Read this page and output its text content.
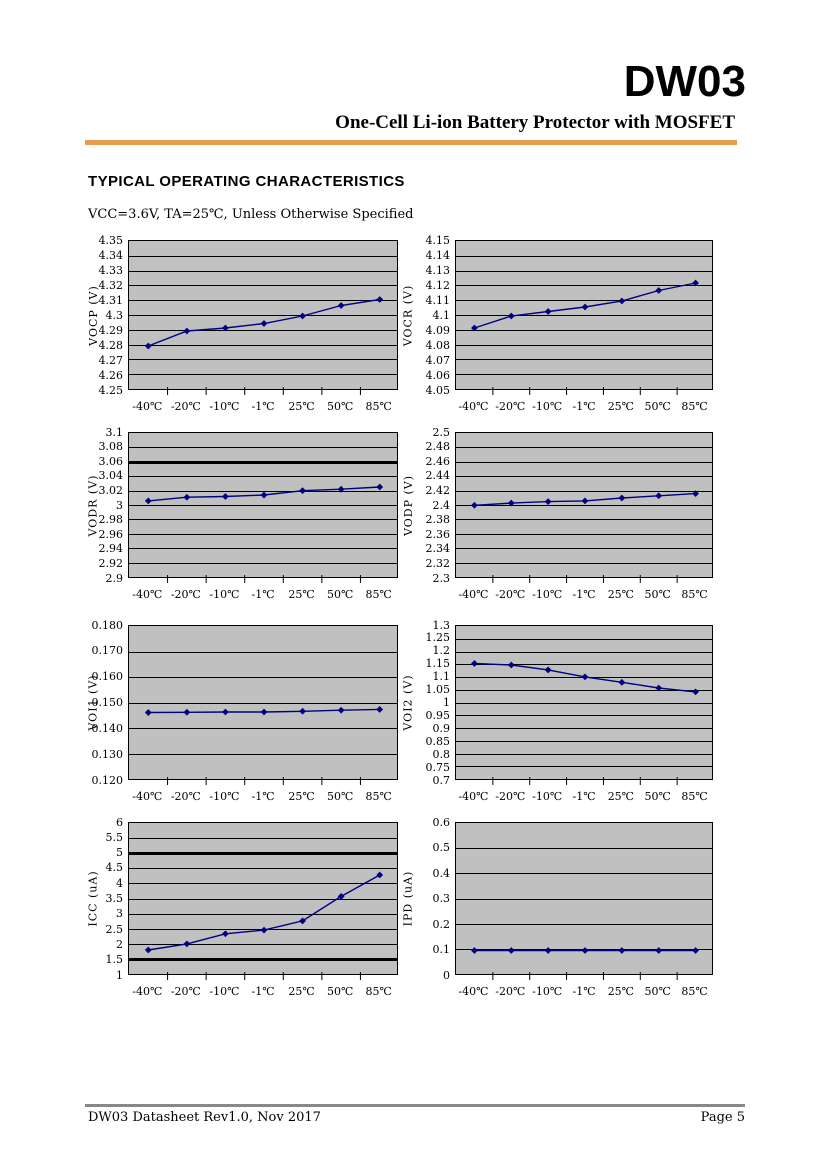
DW03
One-Cell Li-ion Battery Protector with MOSFET
TYPICAL OPERATING CHARACTERISTICS
VCC=3.6V, TA=25℃, Unless Otherwise Specified
VOCP (V)
4.35
4.34
4.33
4.32
4.31
4.3
4.29
4.28
4.27
4.26
4.25
-40℃ -20℃ -10℃ -1℃ 25℃ 50℃ 85℃
VOCR (V)
4.15
4.14
4.13
4.12
4.11
4.1
4.09
4.08
4.07
4.06
4.05
-40℃ -20℃ -10℃ -1℃ 25℃ 50℃ 85℃
VODR (V)
3.1
3.08
3.06
3.04
3.02
3
2.98
2.96
2.94
2.92
2.9
-40℃ -20℃ -10℃ -1℃ 25℃ 50℃ 85℃
VODP (V)
2.5
2.48
2.46
2.44
2.42
2.4
2.38
2.36
2.34
2.32
2.3
-40℃ -20℃ -10℃ -1℃ 25℃ 50℃ 85℃
VOI1 (V)
0.180
0.170
0.160
0.150
0.140
0.130
0.120
-40℃ -20℃ -10℃ -1℃ 25℃ 50℃ 85℃
VOI2 (V)
1.3
1.25
1.2
1.15
1.1
1.05
1
0.95
0.9
0.85
0.8
0.75
0.7
-40℃ -20℃ -10℃ -1℃ 25℃ 50℃ 85℃
ICC (uA)
6
5.5
5
4.5
4
3.5
3
2.5
2
1.5
1
-40℃ -20℃ -10℃ -1℃ 25℃ 50℃ 85℃
IPD (uA)
0.6
0.5
0.4
0.3
0.2
0.1
0
-40℃ -20℃ -10℃ -1℃ 25℃ 50℃ 85℃
DW03 Datasheet Rev1.0, Nov 2017	Page 5
